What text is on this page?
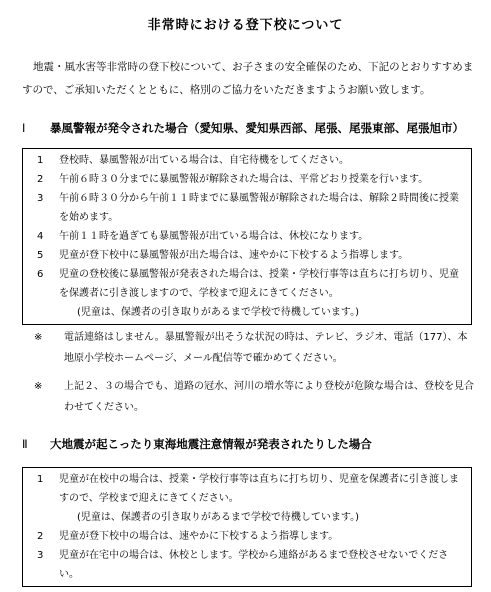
非常時における登下校について
地震・風水害等非常時の登下校について、お子さまの安全確保のため、下記のとおりすすめますので、ご承知いただくとともに、格別のご協力をいただきますようお願い致します。
Ⅰ 暴風警報が発令された場合（愛知県、愛知県西部、尾張、尾張東部、尾張旭市）
1 登校時、暴風警報が出ている場合は、自宅待機をしてください。
2 午前６時３０分までに暴風警報が解除された場合は、平常どおり授業を行います。
3 午前６時３０分から午前１１時までに暴風警報が解除された場合は、解除２時間後に授業を始めます。
4 午前１１時を過ぎても暴風警報が出ている場合は、休校になります。
5 児童が登下校中に暴風警報が出た場合は、速やかに下校するよう指導します。
6 児童の登校後に暴風警報が発表された場合は、授業・学校行事等は直ちに打ち切り、児童を保護者に引き渡しますので、学校まで迎えにきてください。
(児童は、保護者の引き取りがあるまで学校で待機しています。)
※ 電話連絡はしません。暴風警報が出そうな状況の時は、テレビ、ラジオ、電話（177）、本地原小学校ホームページ、メール配信等で確かめてください。
※ 上記２、３の場合でも、道路の冠水、河川の増水等により登校が危険な場合は、登校を見合わせてください。
Ⅱ 大地震が起こったり東海地震注意情報が発表されたりした場合
1 児童が在校中の場合は、授業・学校行事等は直ちに打ち切り、児童を保護者に引き渡しますので、学校まで迎えにきてください。
(児童は、保護者の引き取りがあるまで学校で待機しています。)
2 児童が登下校中の場合は、速やかに下校するよう指導します。
3 児童が在宅中の場合は、休校とします。学校から連絡があるまで登校させないでください。
